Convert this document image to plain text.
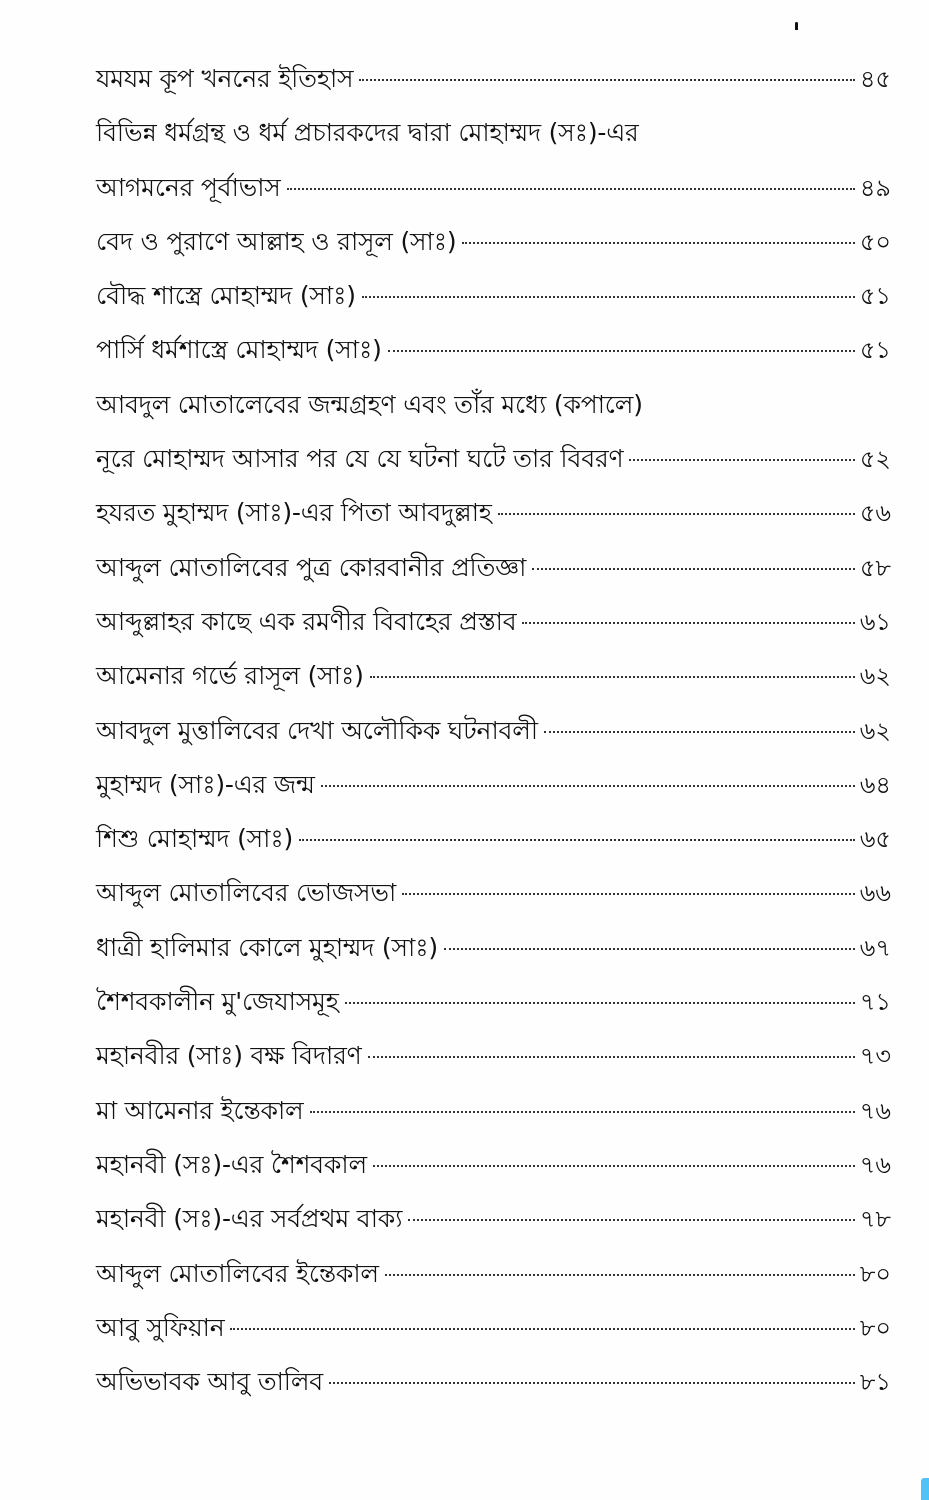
যমযম কূপ খননের ইতিহাস	৪৫
বিভিন্ন ধর্মগ্রন্থ ও ধর্ম প্রচারকদের দ্বারা মোহাম্মদ (সঃ)-এর
আগমনের পূর্বাভাস	৪৯
বেদ ও পুরাণে আল্লাহ ও রাসূল (সাঃ)	৫০
বৌদ্ধ শাস্ত্রে মোহাম্মদ (সাঃ)	৫১
পার্সি ধর্মশাস্ত্রে মোহাম্মদ (সাঃ)	৫১
আবদুল মোতালেবের জন্মগ্রহণ এবং তাঁর মধ্যে (কপালে)
নূরে মোহাম্মদ আসার পর যে যে ঘটনা ঘটে তার বিবরণ	৫২
হযরত মুহাম্মদ (সাঃ)-এর পিতা আবদুল্লাহ	৫৬
আব্দুল মোতালিবের পুত্র কোরবানীর প্রতিজ্ঞা	৫৮
আব্দুল্লাহর কাছে এক রমণীর বিবাহের প্রস্তাব	৬১
আমেনার গর্ভে রাসূল (সাঃ)	৬২
আবদুল মুত্তালিবের দেখা অলৌকিক ঘটনাবলী	৬২
মুহাম্মদ (সাঃ)-এর জন্ম	৬৪
শিশু মোহাম্মদ (সাঃ)	৬৫
আব্দুল মোতালিবের ভোজসভা	৬৬
ধাত্রী হালিমার কোলে মুহাম্মদ (সাঃ)	৬৭
শৈশবকালীন মু'জেযাসমূহ	৭১
মহানবীর (সাঃ) বক্ষ বিদারণ	৭৩
মা আমেনার ইন্তেকাল	৭৬
মহানবী (সঃ)-এর শৈশবকাল	৭৬
মহানবী (সঃ)-এর সর্বপ্রথম বাক্য	৭৮
আব্দুল মোতালিবের ইন্তেকাল	৮০
আবু সুফিয়ান	৮০
অভিভাবক আবু তালিব	৮১
